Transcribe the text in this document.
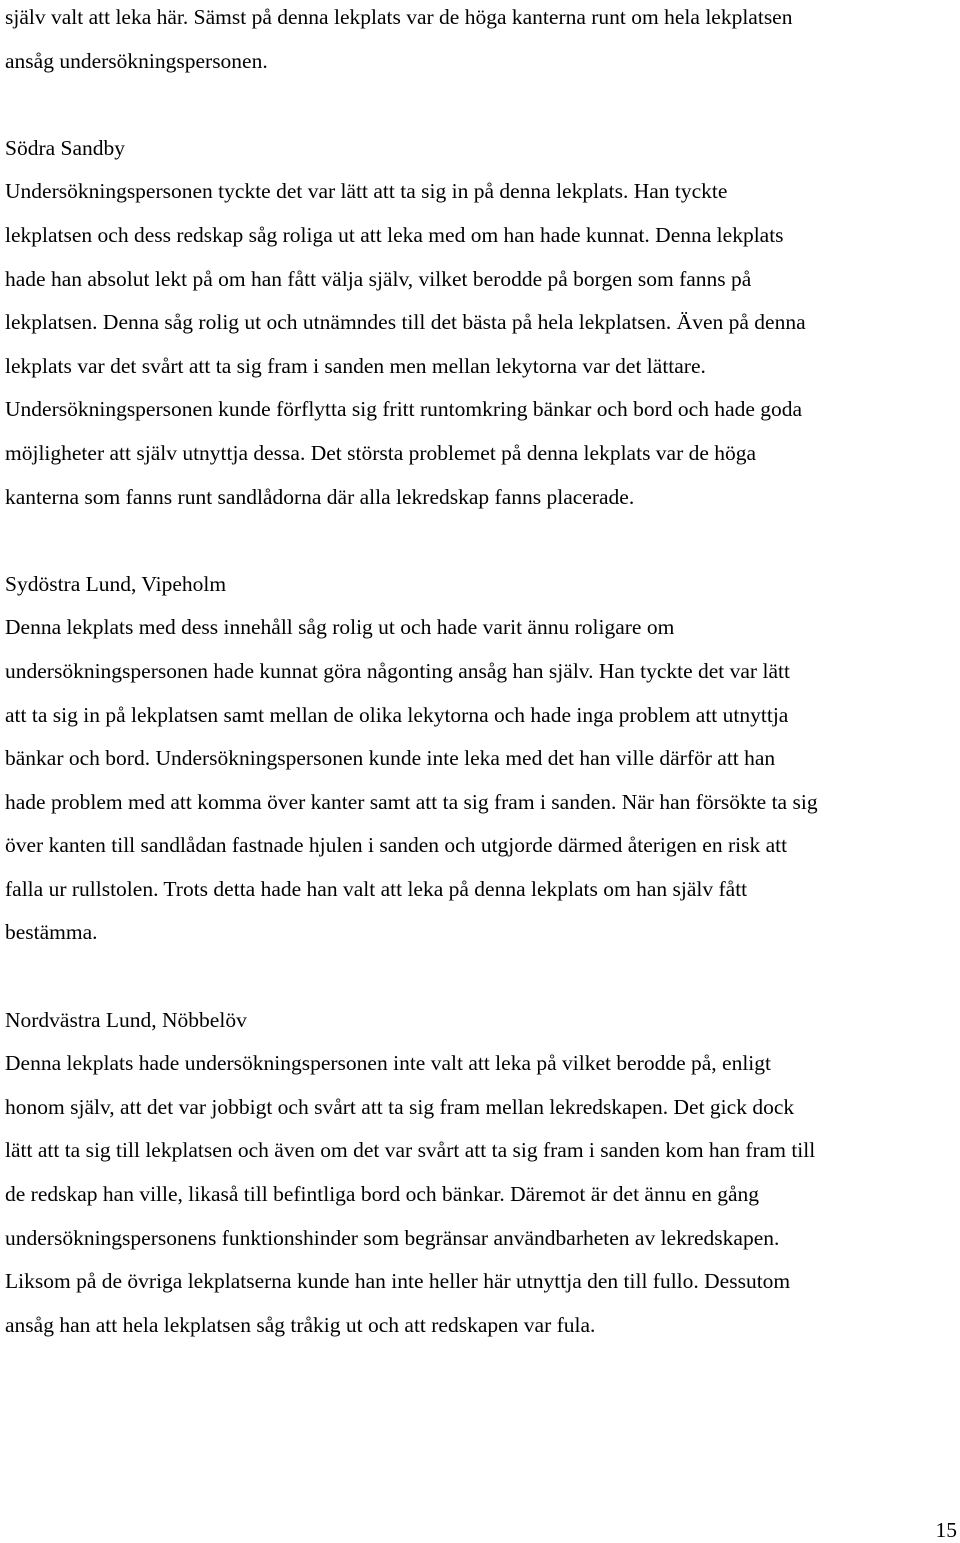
själv valt att leka här. Sämst på denna lekplats var de höga kanterna runt om hela lekplatsen
ansåg undersökningspersonen.
Södra Sandby
Undersökningspersonen tyckte det var lätt att ta sig in på denna lekplats. Han tyckte
lekplatsen och dess redskap såg roliga ut att leka med om han hade kunnat. Denna lekplats
hade han absolut lekt på om han fått välja själv, vilket berodde på borgen som fanns på
lekplatsen. Denna såg rolig ut och utnämndes till det bästa på hela lekplatsen. Även på denna
lekplats var det svårt att ta sig fram i sanden men mellan lekytorna var det lättare.
Undersökningspersonen kunde förflytta sig fritt runtomkring bänkar och bord och hade goda
möjligheter att själv utnyttja dessa. Det största problemet på denna lekplats var de höga
kanterna som fanns runt sandlådorna där alla lekredskap fanns placerade.
Sydöstra Lund, Vipeholm
Denna lekplats med dess innehåll såg rolig ut och hade varit ännu roligare om
undersökningspersonen hade kunnat göra någonting ansåg han själv. Han tyckte det var lätt
att ta sig in på lekplatsen samt mellan de olika lekytorna och hade inga problem att utnyttja
bänkar och bord. Undersökningspersonen kunde inte leka med det han ville därför att han
hade problem med att komma över kanter samt att ta sig fram i sanden. När han försökte ta sig
över kanten till sandlådan fastnade hjulen i sanden och utgjorde därmed återigen en risk att
falla ur rullstolen. Trots detta hade han valt att leka på denna lekplats om han själv fått
bestämma.
Nordvästra Lund, Nöbbelöv
Denna lekplats hade undersökningspersonen inte valt att leka på vilket berodde på, enligt
honom själv, att det var jobbigt och svårt att ta sig fram mellan lekredskapen. Det gick dock
lätt att ta sig till lekplatsen och även om det var svårt att ta sig fram i sanden kom han fram till
de redskap han ville, likaså till befintliga bord och bänkar. Däremot är det ännu en gång
undersökningspersonens funktionshinder som begränsar användbarheten av lekredskapen.
Liksom på de övriga lekplatserna kunde han inte heller här utnyttja den till fullo. Dessutom
ansåg han att hela lekplatsen såg tråkig ut och att redskapen var fula.
15
